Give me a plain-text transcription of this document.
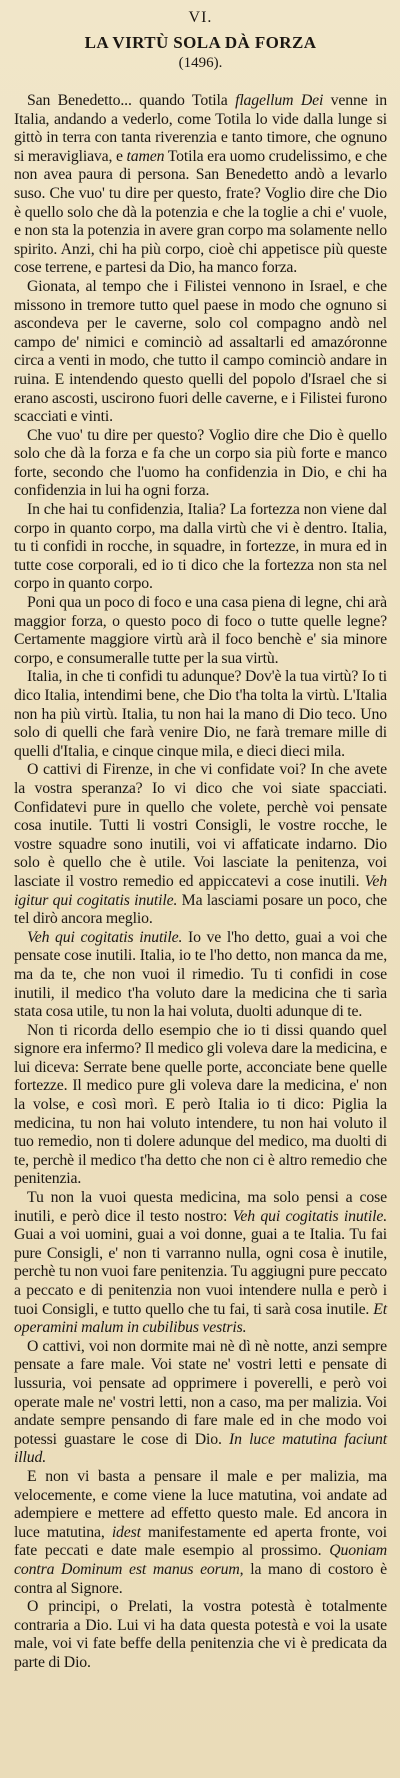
VI.
LA VIRTÙ SOLA DÀ FORZA
(1496).

San Benedetto... quando Totila flagellum Dei venne in Italia, andando a vederlo, come Totila lo vide dalla lunge si gittò in terra con tanta riverenzia e tanto timore, che ognuno si meravigliava, e tamen Totila era uomo crudelissimo, e che non avea paura di persona. San Benedetto andò a levarlo suso. Che vuo' tu dire per questo, frate? Voglio dire che Dio è quello solo che dà la potenzia e che la toglie a chi e' vuole, e non sta la potenzia in avere gran corpo ma solamente nello spirito. Anzi, chi ha più corpo, cioè chi appetisce più queste cose terrene, e partesi da Dio, ha manco forza.

Gionata, al tempo che i Filistei vennono in Israel, e che missono in tremore tutto quel paese in modo che ognuno si ascondeva per le caverne, solo col compagno andò nel campo de' nimici e cominciò ad assaltarli ed amazóronne circa a venti in modo, che tutto il campo cominciò andare in ruina. E intendendo questo quelli del popolo d'Israel che si erano ascosti, uscirono fuori delle caverne, e i Filistei furono scacciati e vinti.

Che vuo' tu dire per questo? Voglio dire che Dio è quello solo che dà la forza e fa che un corpo sia più forte e manco forte, secondo che l'uomo ha confidenzia in Dio, e chi ha confidenzia in lui ha ogni forza.

In che hai tu confidenzia, Italia? La fortezza non viene dal corpo in quanto corpo, ma dalla virtù che vi è dentro. Italia, tu ti confidi in rocche, in squadre, in fortezze, in mura ed in tutte cose corporali, ed io ti dico che la fortezza non sta nel corpo in quanto corpo.

Poni qua un poco di foco e una casa piena di legne, chi arà maggior forza, o questo poco di foco o tutte quelle legne? Certamente maggiore virtù arà il foco benchè e' sia minore corpo, e consumeralle tutte per la sua virtù.

Italia, in che ti confidi tu adunque? Dov'è la tua virtù? Io ti dico Italia, intendimi bene, che Dio t'ha tolta la virtù. L'Italia non ha più virtù. Italia, tu non hai la mano di Dio teco. Uno solo di quelli che farà venire Dio, ne farà tremare mille di quelli d'Italia, e cinque cinque mila, e dieci dieci mila.

O cattivi di Firenze, in che vi confidate voi? In che avete la vostra speranza? Io vi dico che voi siate spacciati. Confidatevi pure in quello che volete, perchè voi pensate cosa inutile. Tutti li vostri Consigli, le vostre rocche, le vostre squadre sono inutili, voi vi affaticate indarno. Dio solo è quello che è utile. Voi lasciate la penitenza, voi lasciate il vostro remedio ed appiccatevi a cose inutili. Veh igitur qui cogitatis inutile. Ma lasciami posare un poco, che tel dirò ancora meglio.

Veh qui cogitatis inutile. Io ve l'ho detto, guai a voi che pensate cose inutili. Italia, io te l'ho detto, non manca da me, ma da te, che non vuoi il rimedio. Tu ti confidi in cose inutili, il medico t'ha voluto dare la medicina che ti sarìa stata cosa utile, tu non la hai voluta, duolti adunque di te.

Non ti ricorda dello esempio che io ti dissi quando quel signore era infermo? Il medico gli voleva dare la medicina, e lui diceva: Serrate bene quelle porte, acconciate bene quelle fortezze. Il medico pure gli voleva dare la medicina, e' non la volse, e così morì. E però Italia io ti dico: Piglia la medicina, tu non hai voluto intendere, tu non hai voluto il tuo remedio, non ti dolere adunque del medico, ma duolti di te, perchè il medico t'ha detto che non ci è altro remedio che penitenzia.

Tu non la vuoi questa medicina, ma solo pensi a cose inutili, e però dice il testo nostro: Veh qui cogitatis inutile. Guai a voi uomini, guai a voi donne, guai a te Italia. Tu fai pure Consigli, e' non ti varranno nulla, ogni cosa è inutile, perchè tu non vuoi fare penitenzia. Tu aggiugni pure peccato a peccato e di penitenzia non vuoi intendere nulla e però i tuoi Consigli, e tutto quello che tu fai, ti sarà cosa inutile. Et operamini malum in cubilibus vestris.

O cattivi, voi non dormite mai nè dì nè notte, anzi sempre pensate a fare male. Voi state ne' vostri letti e pensate di lussuria, voi pensate ad opprimere i poverelli, e però voi operate male ne' vostri letti, non a caso, ma per malizia. Voi andate sempre pensando di fare male ed in che modo voi potessi guastare le cose di Dio. In luce matutina faciunt illud.

E non vi basta a pensare il male e per malizia, ma velocemente, e come viene la luce matutina, voi andate ad adempiere e mettere ad effetto questo male. Ed ancora in luce matutina, idest manifestamente ed aperta fronte, voi fate peccati e date male esempio al prossimo. Quoniam contra Dominum est manus eorum, la mano di costoro è contra al Signore.

O principi, o Prelati, la vostra potestà è totalmente contraria a Dio. Lui vi ha data questa potestà e voi la usate male, voi vi fate beffe della penitenzia che vi è predicata da parte di Dio.
